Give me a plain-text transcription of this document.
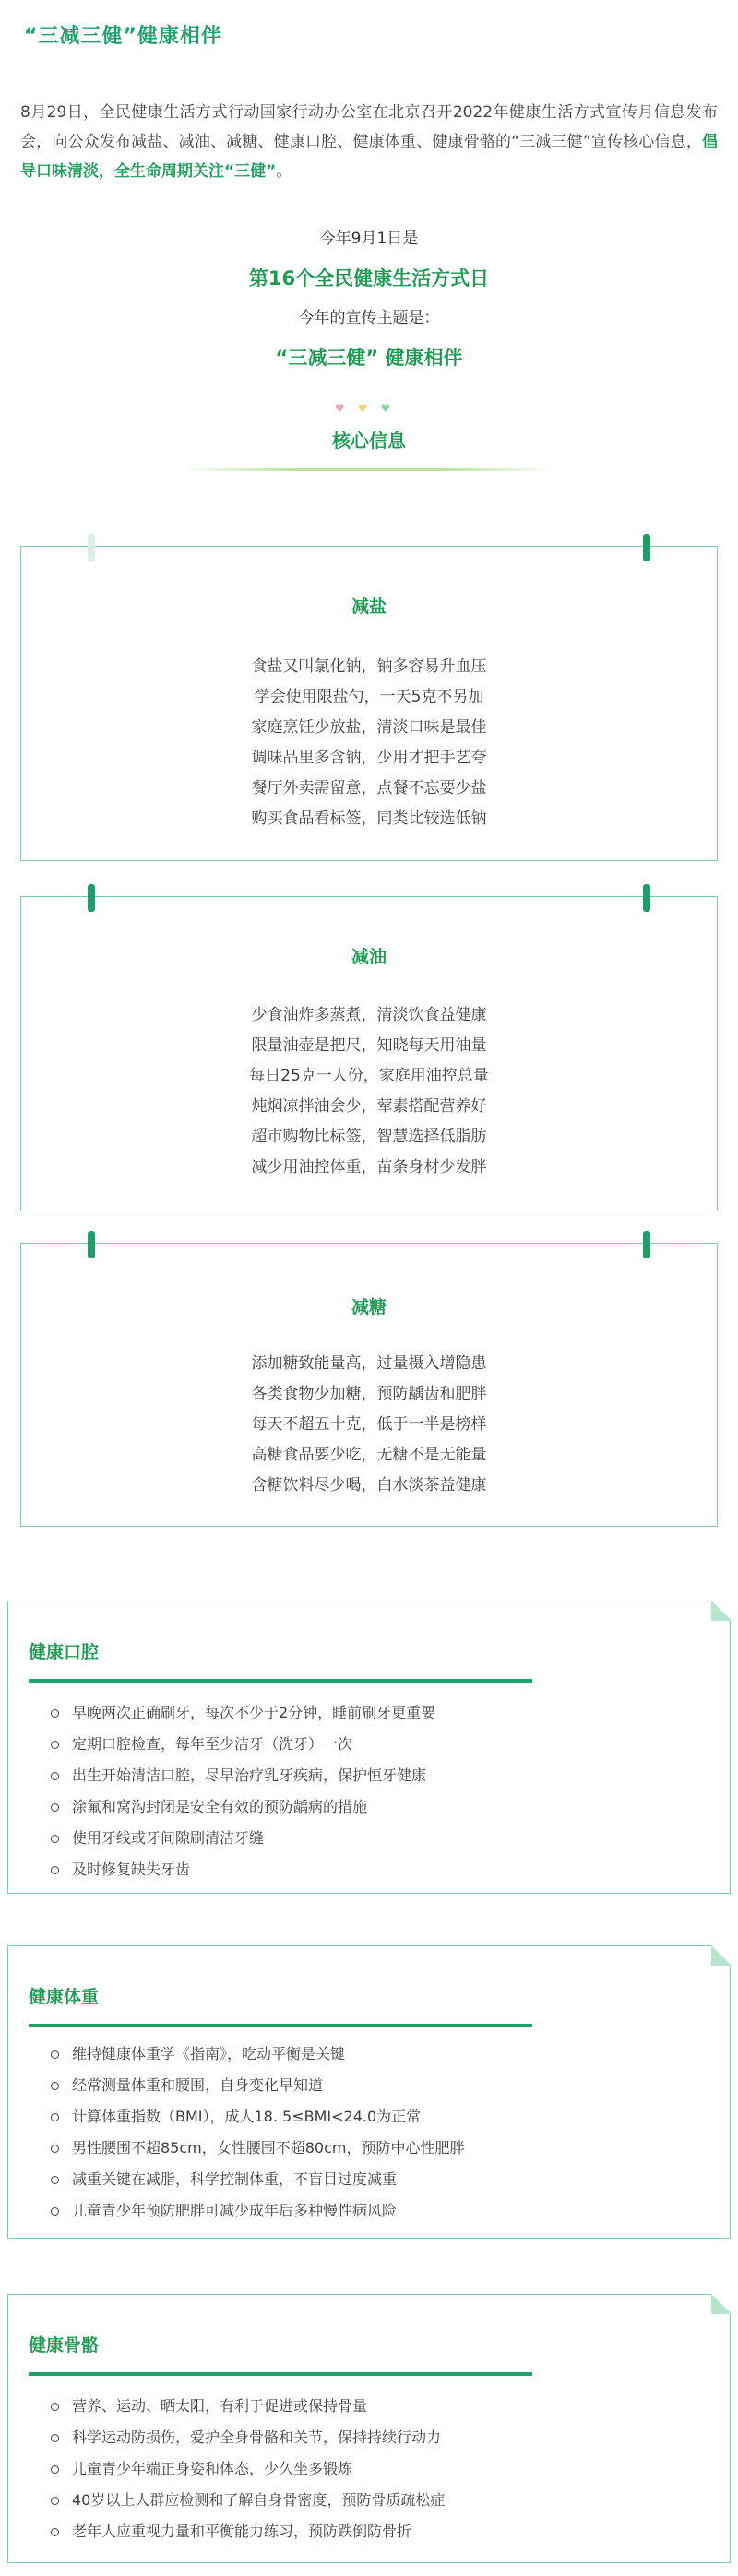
“三减三健”健康相伴
8月29日，全民健康生活方式行动国家行动办公室在北京召开2022年健康生活方式宣传月信息发布会，向公众发布减盐、减油、减糖、健康口腔、健康体重、健康骨骼的“三减三健”宣传核心信息，倡导口味清淡，全生命周期关注“三健”。
今年9月1日是
第16个全民健康生活方式日
今年的宣传主题是：
“三减三健” 健康相伴
♥♥♥
核心信息
减盐
食盐又叫氯化钠，钠多容易升血压
学会使用限盐勺，一天5克不另加
家庭烹饪少放盐，清淡口味是最佳
调味品里多含钠，少用才把手艺夸
餐厅外卖需留意，点餐不忘要少盐
购买食品看标签，同类比较选低钠
减油
少食油炸多蒸煮，清淡饮食益健康
限量油壶是把尺，知晓每天用油量
每日25克一人份，家庭用油控总量
炖焖凉拌油会少，荤素搭配营养好
超市购物比标签，智慧选择低脂肪
减少用油控体重，苗条身材少发胖
减糖
添加糖致能量高，过量摄入增隐患
各类食物少加糖，预防龋齿和肥胖
每天不超五十克，低于一半是榜样
高糖食品要少吃，无糖不是无能量
含糖饮料尽少喝，白水淡茶益健康
健康口腔
早晚两次正确刷牙，每次不少于2分钟，睡前刷牙更重要
定期口腔检查，每年至少洁牙（洗牙）一次
出生开始清洁口腔，尽早治疗乳牙疾病，保护恒牙健康
涂氟和窝沟封闭是安全有效的预防龋病的措施
使用牙线或牙间隙刷清洁牙缝
及时修复缺失牙齿
健康体重
维持健康体重学《指南》，吃动平衡是关键
经常测量体重和腰围，自身变化早知道
计算体重指数（BMI），成人18. 5≤BMI<24.0为正常
男性腰围不超85cm，女性腰围不超80cm，预防中心性肥胖
减重关键在减脂，科学控制体重，不盲目过度减重
儿童青少年预防肥胖可减少成年后多种慢性病风险
健康骨骼
营养、运动、晒太阳，有利于促进或保持骨量
科学运动防损伤，爱护全身骨骼和关节，保持持续行动力
儿童青少年端正身姿和体态，少久坐多锻炼
40岁以上人群应检测和了解自身骨密度，预防骨质疏松症
老年人应重视力量和平衡能力练习，预防跌倒防骨折
